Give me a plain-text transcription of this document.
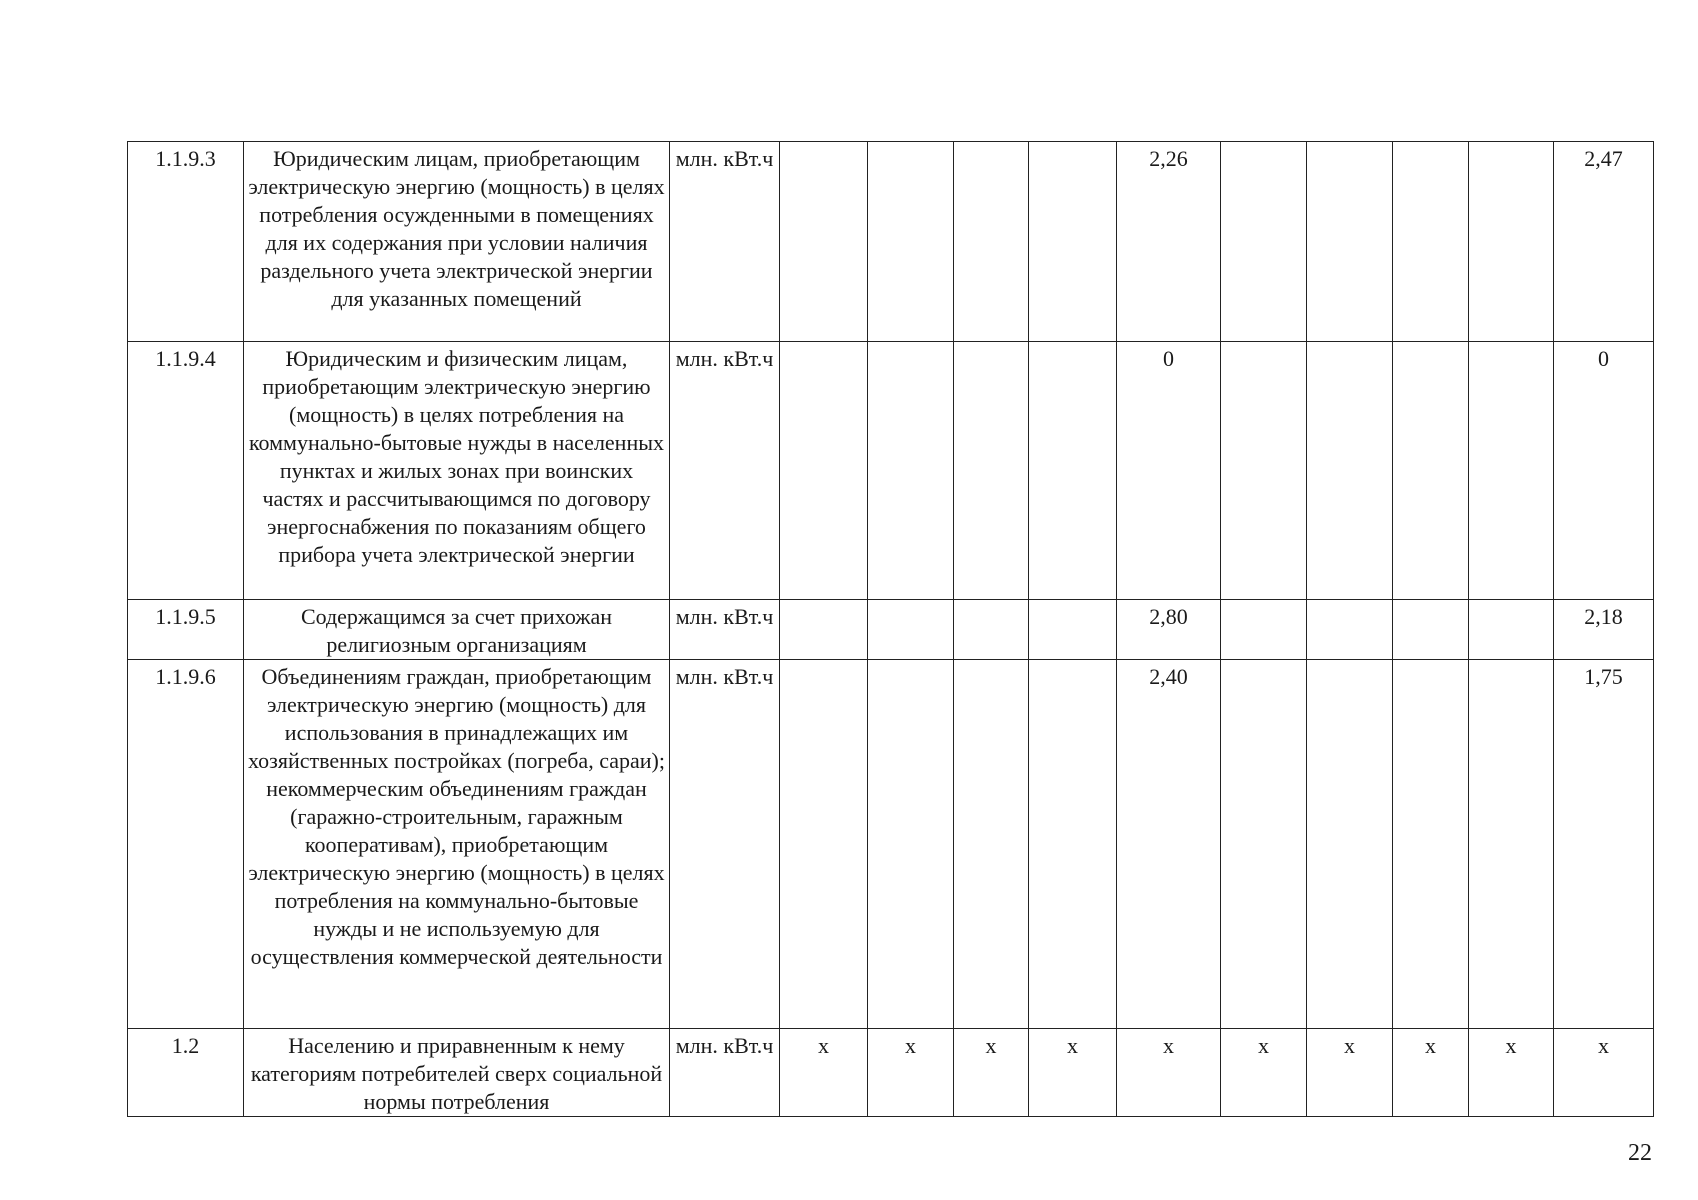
1.1.9.3	Юридическим лицам, приобретающим электрическую энергию (мощность) в целях потребления осужденными в помещениях для их содержания при условии наличия раздельного учета электрической энергии для указанных помещений	млн. кВт.ч					2,26					2,47
1.1.9.4	Юридическим и физическим лицам, приобретающим электрическую энергию (мощность) в целях потребления на коммунально-бытовые нужды в населенных пунктах и жилых зонах при воинских частях и рассчитывающимся по договору энергоснабжения по показаниям общего прибора учета электрической энергии	млн. кВт.ч					0					0
1.1.9.5	Содержащимся за счет прихожан религиозным организациям	млн. кВт.ч					2,80					2,18
1.1.9.6	Объединениям граждан, приобретающим электрическую энергию (мощность) для использования в принадлежащих им хозяйственных постройках (погреба, сараи); некоммерческим объединениям граждан (гаражно-строительным, гаражным кооперативам), приобретающим электрическую энергию (мощность) в целях потребления на коммунально-бытовые нужды и не используемую для осуществления коммерческой деятельности	млн. кВт.ч					2,40					1,75
1.2	Населению и приравненным к нему категориям потребителей сверх социальной нормы потребления	млн. кВт.ч	x	x	x	x	x	x	x	x	x	x
22
